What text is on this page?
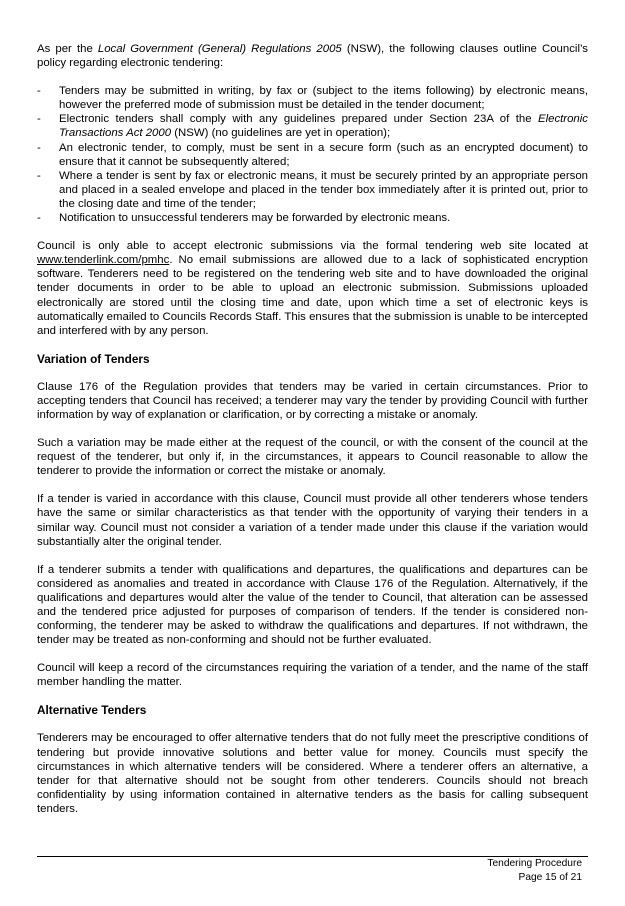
As per the Local Government (General) Regulations 2005 (NSW), the following clauses outline Council’s policy regarding electronic tendering:

- Tenders may be submitted in writing, by fax or (subject to the items following) by electronic means, however the preferred mode of submission must be detailed in the tender document;
- Electronic tenders shall comply with any guidelines prepared under Section 23A of the Electronic Transactions Act 2000 (NSW) (no guidelines are yet in operation);
- An electronic tender, to comply, must be sent in a secure form (such as an encrypted document) to ensure that it cannot be subsequently altered;
- Where a tender is sent by fax or electronic means, it must be securely printed by an appropriate person and placed in a sealed envelope and placed in the tender box immediately after it is printed out, prior to the closing date and time of the tender;
- Notification to unsuccessful tenderers may be forwarded by electronic means.

Council is only able to accept electronic submissions via the formal tendering web site located at www.tenderlink.com/pmhc. No email submissions are allowed due to a lack of sophisticated encryption software. Tenderers need to be registered on the tendering web site and to have downloaded the original tender documents in order to be able to upload an electronic submission. Submissions uploaded electronically are stored until the closing time and date, upon which time a set of electronic keys is automatically emailed to Councils Records Staff. This ensures that the submission is unable to be intercepted and interfered with by any person.

Variation of Tenders

Clause 176 of the Regulation provides that tenders may be varied in certain circumstances. Prior to accepting tenders that Council has received; a tenderer may vary the tender by providing Council with further information by way of explanation or clarification, or by correcting a mistake or anomaly.

Such a variation may be made either at the request of the council, or with the consent of the council at the request of the tenderer, but only if, in the circumstances, it appears to Council reasonable to allow the tenderer to provide the information or correct the mistake or anomaly.

If a tender is varied in accordance with this clause, Council must provide all other tenderers whose tenders have the same or similar characteristics as that tender with the opportunity of varying their tenders in a similar way. Council must not consider a variation of a tender made under this clause if the variation would substantially alter the original tender.

If a tenderer submits a tender with qualifications and departures, the qualifications and departures can be considered as anomalies and treated in accordance with Clause 176 of the Regulation. Alternatively, if the qualifications and departures would alter the value of the tender to Council, that alteration can be assessed and the tendered price adjusted for purposes of comparison of tenders. If the tender is considered non-conforming, the tenderer may be asked to withdraw the qualifications and departures. If not withdrawn, the tender may be treated as non-conforming and should not be further evaluated.

Council will keep a record of the circumstances requiring the variation of a tender, and the name of the staff member handling the matter.

Alternative Tenders

Tenderers may be encouraged to offer alternative tenders that do not fully meet the prescriptive conditions of tendering but provide innovative solutions and better value for money. Councils must specify the circumstances in which alternative tenders will be considered. Where a tenderer offers an alternative, a tender for that alternative should not be sought from other tenderers. Councils should not breach confidentiality by using information contained in alternative tenders as the basis for calling subsequent tenders.

Tendering Procedure
Page 15 of 21
